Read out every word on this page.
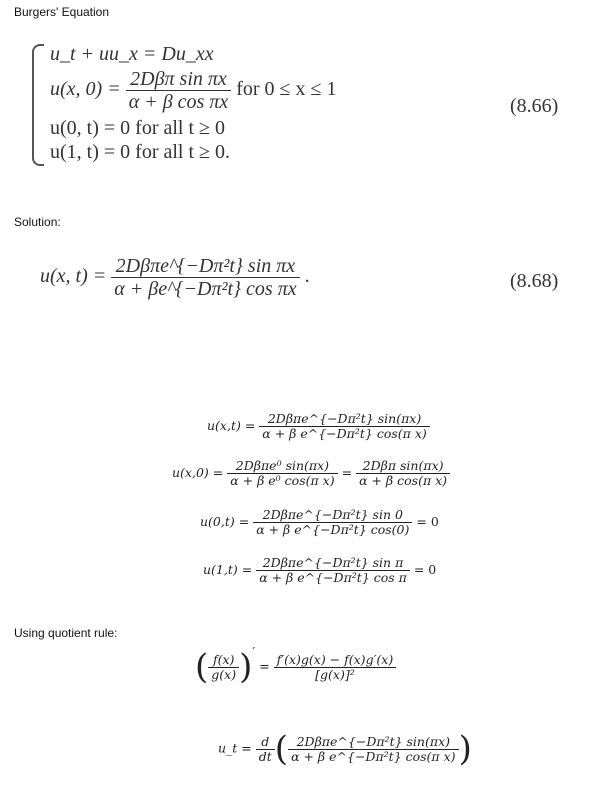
Burgers' Equation
Solution:
Using quotient rule:
u_t + uu_x = Du_xx
u(x, $0) = \frac{\text{2Dβπ sin πx}}{\text{α + β cos πx}}$ for 0 ≤ x ≤ 1
u(0, t) = 0 for all t ≥ 0
u(1, t) = 0 for all t ≥ 0.
(8.66)
u(x, $t) = \frac{\text{2Dβπe\textasciicircum{}\{−Dπ²t\} sin πx}}{\text{α + βe\textasciicircum{}\{−Dπ²t\} cos πx}}$ .	(8.68)
$u(x,t) = \frac{\text{2Dβπe\textasciicircum{}\{−Dπ²t\} sin(πx)}}{\text{α + β e\textasciicircum{}\{−Dπ²t\} cos(π x)}}$
$u(x,0) = \frac{\text{2Dβπe⁰ sin(πx)}}{\text{α + β e⁰ cos(π x)}} = \frac{\text{2Dβπ sin(πx)}}{\text{α + β cos(π x)}}$
$u(0,t) = \frac{\text{2Dβπe\textasciicircum{}\{−Dπ²t\} sin 0}}{\text{α + β e\textasciicircum{}\{−Dπ²t\} cos(0)}} = 0$
$u(1,t) = \frac{\text{2Dβπe\textasciicircum{}\{−Dπ²t\} sin π}}{\text{α + β e\textasciicircum{}\{−Dπ²t\} cos π}} = 0$
( $\frac{f(x)}{g(x)}$ )′ = $\frac{f'(x)g(x) - f(x)g'(x)}{\text{[g(x)]²}}$
u_t = $\frac{d}{dt}$ ( $\frac{\text{2Dβπe\textasciicircum{}\{−Dπ²t\} sin(πx)}}{\text{α + β e\textasciicircum{}\{−Dπ²t\} cos(π x)}}$ )
